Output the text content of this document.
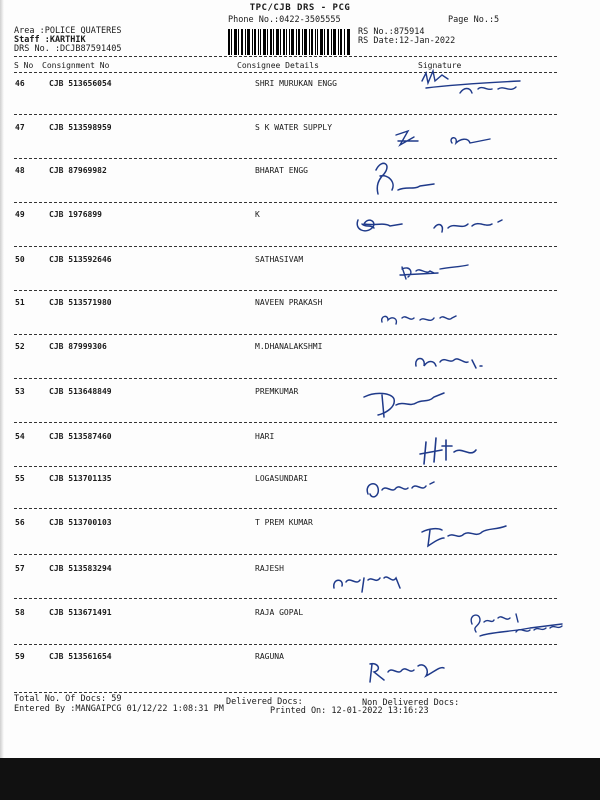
TPC/CJB DRS - PCG
Phone No.:0422-3505555	Page No.:5
Area :POLICE QUATERES
Staff :KARTHIK
DRS No. :DCJB87591405
RS No.:875914
RS Date:12-Jan-2022
S No Consignment No	Consignee Details	Signature
46	CJB 513656054	SHRI MURUKAN ENGG
47	CJB 513598959	S K WATER SUPPLY
48	CJB 87969982	BHARAT ENGG
49	CJB 1976899	K
50	CJB 513592646	SATHASIVAM
51	CJB 513571980	NAVEEN PRAKASH
52	CJB 87999306	M.DHANALAKSHMI
53	CJB 513648849	PREMKUMAR
54	CJB 513587460	HARI
55	CJB 513701135	LOGASUNDARI
56	CJB 513700103	T PREM KUMAR
57	CJB 513583294	RAJESH
58	CJB 513671491	RAJA GOPAL
59	CJB 513561654	RAGUNA
Total No. Of Docs: 59	Delivered Docs:	Non Delivered Docs:
Entered By :MANGAIPCG 01/12/22 1:08:31 PM	Printed On: 12-01-2022 13:16:23
